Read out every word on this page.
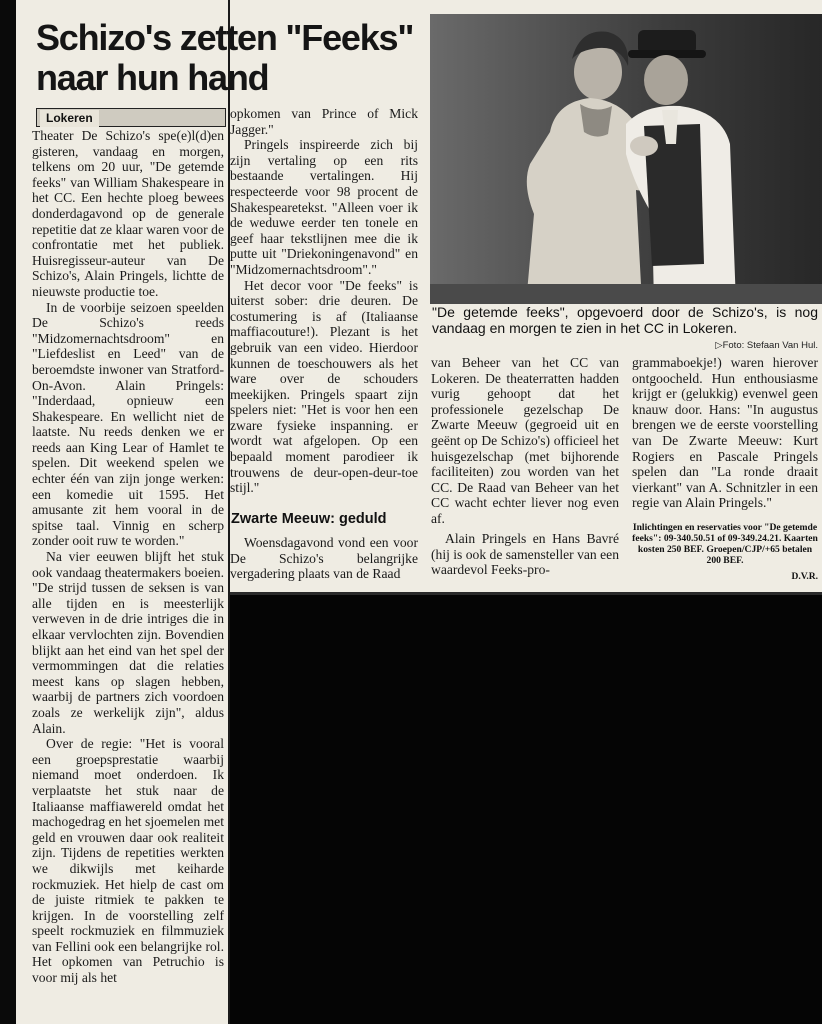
Schizo's zetten "Feeks" naar hun hand
Lokeren

Theater De Schizo's spe(e)l(d)en gisteren, vandaag en morgen, telkens om 20 uur, "De getemde feeks" van William Shakespeare in het CC. Een hechte ploeg bewees donderdagavond op de generale repetitie dat ze klaar waren voor de confrontatie met het publiek. Huisregisseur-auteur van De Schizo's, Alain Pringels, lichtte de nieuwste productie toe.

In de voorbije seizoen speelden De Schizo's reeds "Midzomernachtsdroom" en "Liefdeslist en Leed" van de beroemdste inwoner van Stratford-On-Avon. Alain Pringels: "Inderdaad, opnieuw een Shakespeare. En wellicht niet de laatste. Nu reeds denken we er reeds aan King Lear of Hamlet te spelen. Dit weekend spelen we echter één van zijn jonge werken: een komedie uit 1595. Het amusante zit hem vooral in de spitse taal. Vinnig en scherp zonder ooit ruw te worden."

Na vier eeuwen blijft het stuk ook vandaag theatermakers boeien. "De strijd tussen de seksen is van alle tijden en is meesterlijk verweven in de drie intriges die in elkaar vervlochten zijn. Bovendien blijkt aan het eind van het spel der vermommingen dat die relaties meest kans op slagen hebben, waarbij de partners zich voordoen zoals ze werkelijk zijn", aldus Alain.

Over de regie: "Het is vooral een groepsprestatie waarbij niemand moet onderdoen. Ik verplaatste het stuk naar de Italiaanse maffiawereld omdat het machogedrag en het sjoemelen met geld en vrouwen daar ook realiteit zijn. Tijdens de repetities werkten we dikwijls met keiharde rockmuziek. Het hielp de cast om de juiste ritmiek te pakken te krijgen. In de voorstelling zelf speelt rockmuziek en filmmuziek van Fellini ook een belangrijke rol. Het opkomen van Petruchio is voor mij als het

opkomen van Prince of Mick Jagger."

Pringels inspireerde zich bij zijn vertaling op een rits bestaande vertalingen. Hij respecteerde voor 98 procent de Shakespearetekst. "Alleen voer ik de weduwe eerder ten tonele en geef haar tekstlijnen mee die ik putte uit "Driekoningenavond" en "Midzomernachtsdroom"."

Het decor voor "De feeks" is uiterst sober: drie deuren. De costumering is af (Italiaanse maffiacouture!). Plezant is het gebruik van een video. Hierdoor kunnen de toeschouwers als het ware over de schouders meekijken. Pringels spaart zijn spelers niet: "Het is voor hen een zware fysieke inspanning. er wordt wat afgelopen. Op een bepaald moment parodieer ik trouwens de deur-open-deur-toe stijl."

Zwarte Meeuw: geduld

Woensdagavond vond een voor De Schizo's belangrijke vergadering plaats van de Raad

"De getemde feeks", opgevoerd door de Schizo's, is nog vandaag en morgen te zien in het CC in Lokeren.

▷Foto: Stefaan Van Hul.

van Beheer van het CC van Lokeren. De theaterratten hadden vurig gehoopt dat het professionele gezelschap De Zwarte Meeuw (gegroeid uit en geënt op De Schizo's) officieel het huisgezelschap (met bijhorende faciliteiten) zou worden van het CC. De Raad van Beheer van het CC wacht echter liever nog even af.

Alain Pringels en Hans Bavré (hij is ook de samensteller van een waardevol Feeks-pro-

grammaboekje!) waren hierover ontgoocheld. Hun enthousiasme krijgt er (gelukkig) evenwel geen knauw door. Hans: "In augustus brengen we de eerste voorstelling van De Zwarte Meeuw: Kurt Rogiers en Pascale Pringels spelen dan "La ronde draait vierkant" van A. Schnitzler in een regie van Alain Pringels."

Inlichtingen en reservaties voor "De getemde feeks": 09-340.50.51 of 09-349.24.21. Kaarten kosten 250 BEF. Groepen/CJP/+65 betalen 200 BEF.

D.V.R.
